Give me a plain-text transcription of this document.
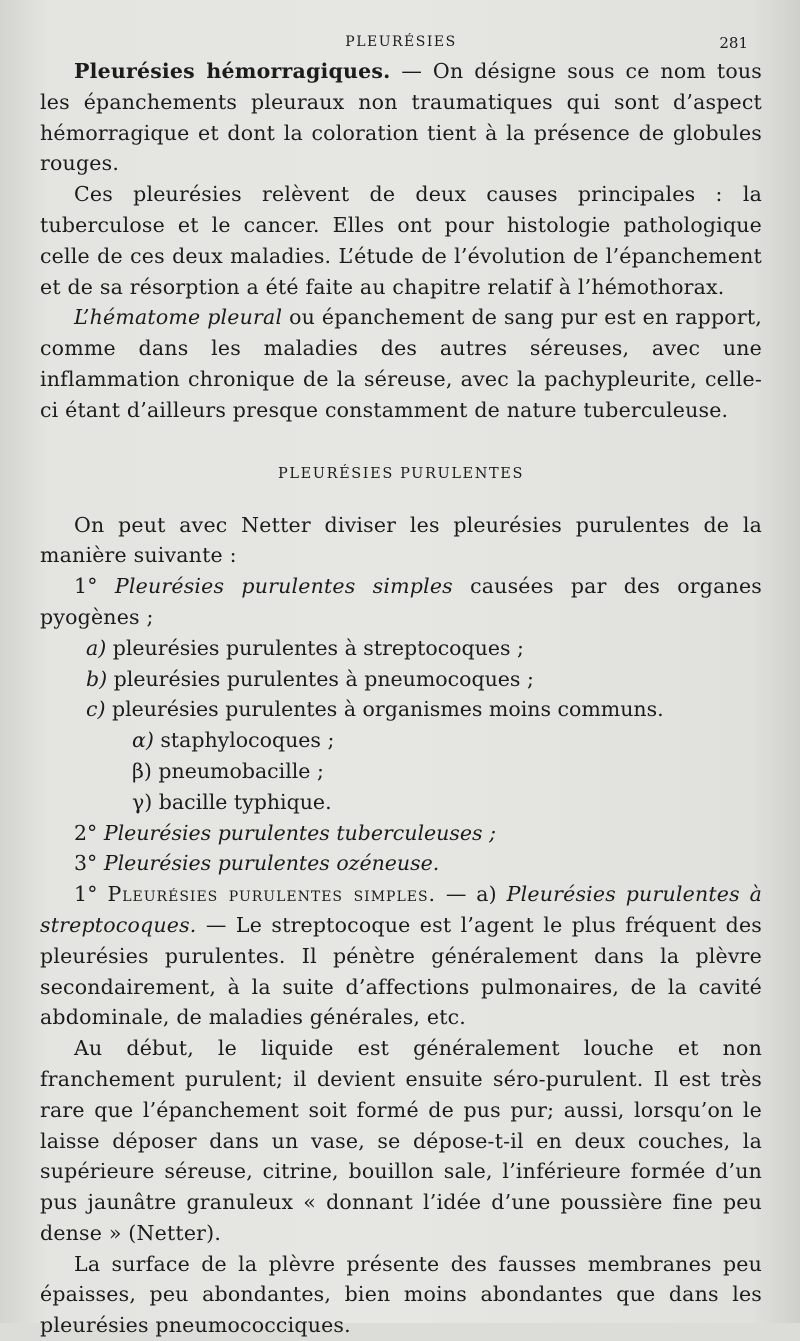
PLEURÉSIES	281

Pleurésies hémorragiques. — On désigne sous ce nom tous les épanchements pleuraux non traumatiques qui sont d’aspect hémorragique et dont la coloration tient à la présence de globules rouges.

Ces pleurésies relèvent de deux causes principales : la tuberculose et le cancer. Elles ont pour histologie pathologique celle de ces deux maladies. L’étude de l’évolution de l’épanchement et de sa résorption a été faite au chapitre relatif à l’hémothorax.

L’hématome pleural ou épanchement de sang pur est en rapport, comme dans les maladies des autres séreuses, avec une inflammation chronique de la séreuse, avec la pachypleurite, celle-ci étant d’ailleurs presque constamment de nature tuberculeuse.

PLEURÉSIES PURULENTES

On peut avec Netter diviser les pleurésies purulentes de la manière suivante :

1° Pleurésies purulentes simples causées par des organes pyogènes ;

a) pleurésies purulentes à streptocoques ;
b) pleurésies purulentes à pneumocoques ;
c) pleurésies purulentes à organismes moins communs.
α) staphylocoques ;
β) pneumobacille ;
γ) bacille typhique.
2° Pleurésies purulentes tuberculeuses ;
3° Pleurésies purulentes ozéneuse.

1° Pleurésies purulentes simples. — a) Pleurésies purulentes à streptocoques. — Le streptocoque est l’agent le plus fréquent des pleurésies purulentes. Il pénètre généralement dans la plèvre secondairement, à la suite d’affections pulmonaires, de la cavité abdominale, de maladies générales, etc.

Au début, le liquide est généralement louche et non franchement purulent; il devient ensuite séro-purulent. Il est très rare que l’épanchement soit formé de pus pur; aussi, lorsqu’on le laisse déposer dans un vase, se dépose-t-il en deux couches, la supérieure séreuse, citrine, bouillon sale, l’inférieure formée d’un pus jaunâtre granuleux « donnant l’idée d’une poussière fine peu dense » (Netter).

La surface de la plèvre présente des fausses membranes peu épaisses, peu abondantes, bien moins abondantes que dans les pleurésies pneumococciques.
